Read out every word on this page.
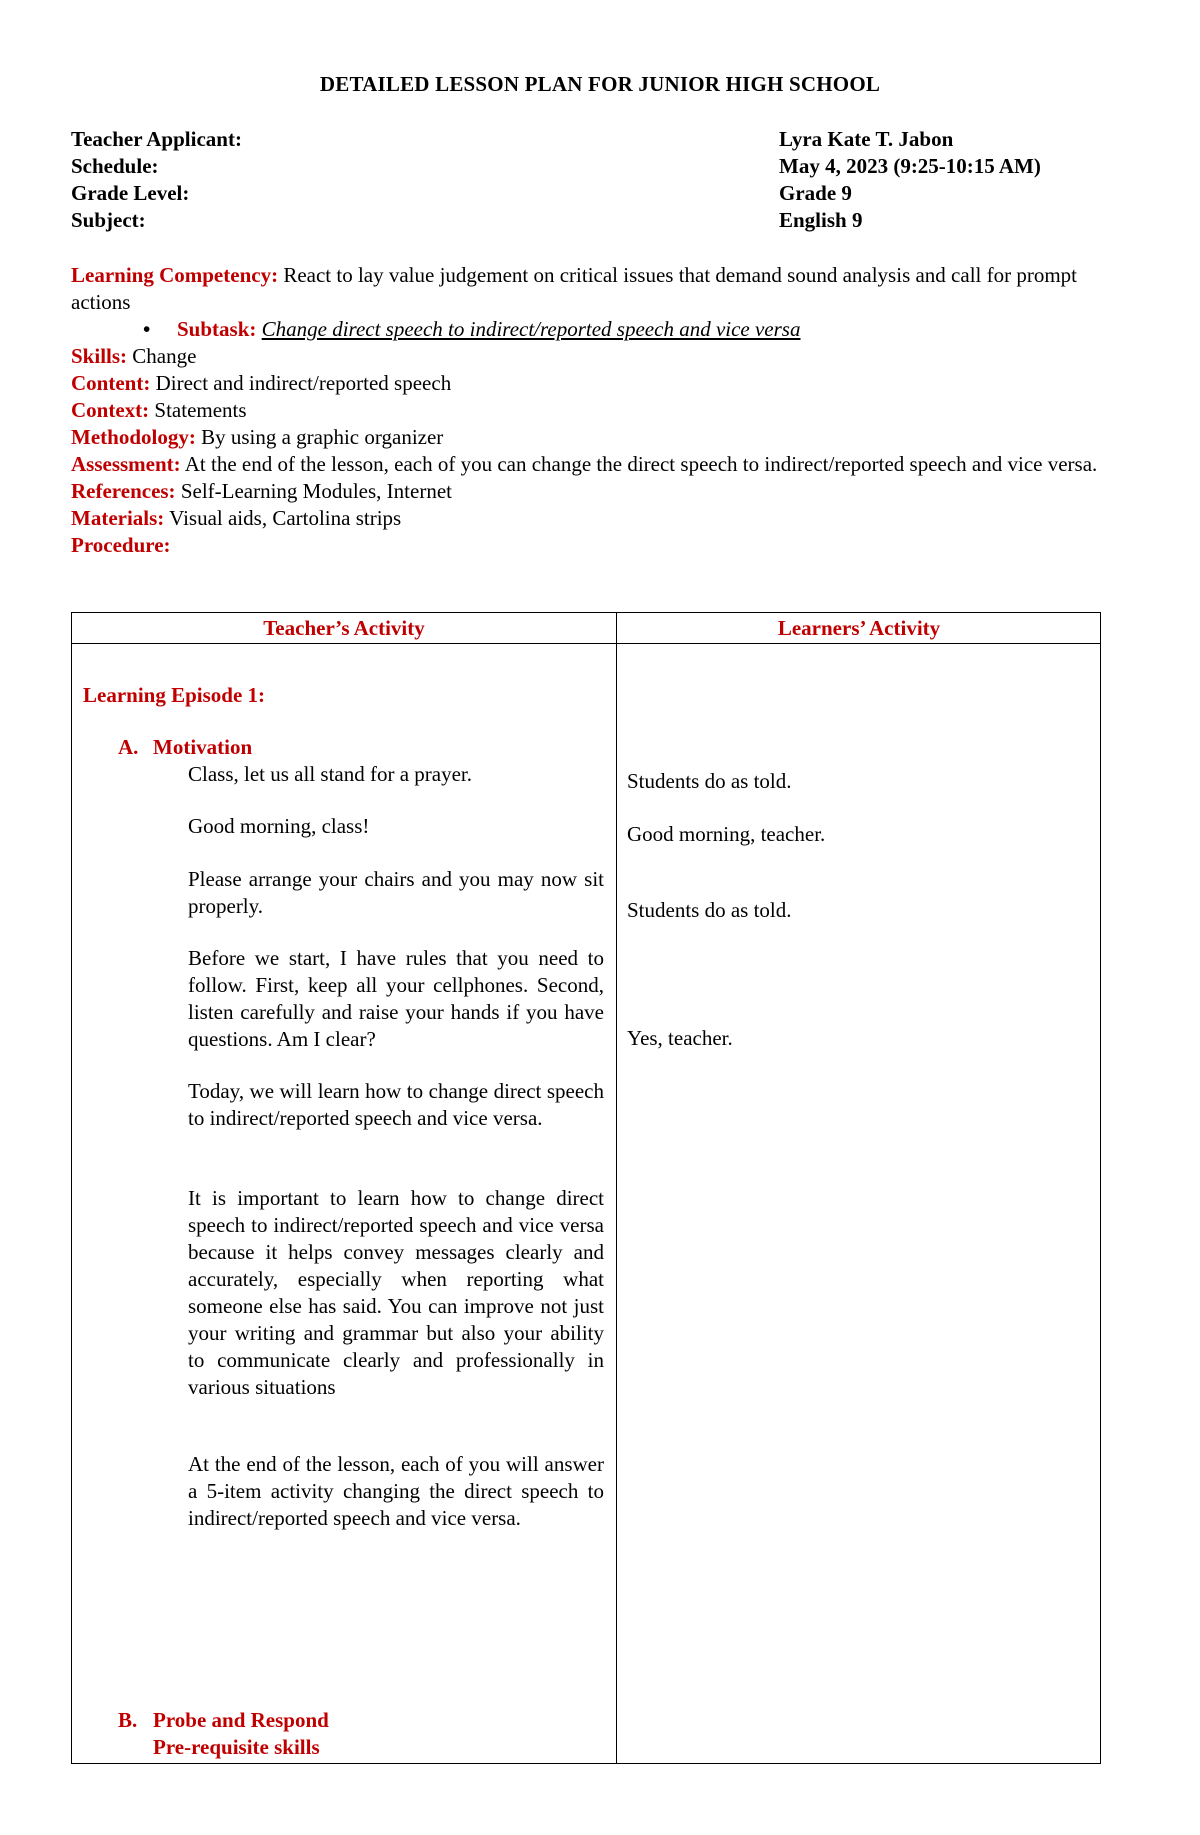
DETAILED LESSON PLAN FOR JUNIOR HIGH SCHOOL
Teacher Applicant:
Schedule:
Grade Level:
Subject:
Lyra Kate T. Jabon
May 4, 2023 (9:25-10:15 AM)
Grade 9
English 9
Learning Competency: React to lay value judgement on critical issues that demand sound analysis and call for prompt actions
• Subtask: Change direct speech to indirect/reported speech and vice versa
Skills: Change
Content: Direct and indirect/reported speech
Context: Statements
Methodology: By using a graphic organizer
Assessment: At the end of the lesson, each of you can change the direct speech to indirect/reported speech and vice versa.
References: Self-Learning Modules, Internet
Materials: Visual aids, Cartolina strips
Procedure:
Teacher’s Activity	Learners’ Activity
Learning Episode 1:
A. Motivation

Class, let us all stand for a prayer.

Good morning, class!

Please arrange your chairs and you may now sit properly.

Before we start, I have rules that you need to follow. First, keep all your cellphones. Second, listen carefully and raise your hands if you have questions. Am I clear?

Today, we will learn how to change direct speech to indirect/reported speech and vice versa.

It is important to learn how to change direct speech to indirect/reported speech and vice versa because it helps convey messages clearly and accurately, especially when reporting what someone else has said. You can improve not just your writing and grammar but also your ability to communicate clearly and professionally in various situations

At the end of the lesson, each of you will answer a 5-item activity changing the direct speech to indirect/reported speech and vice versa.

Students do as told.
Good morning, teacher.
Students do as told.
Yes, teacher.
B. Probe and Respond
Pre-requisite skills
